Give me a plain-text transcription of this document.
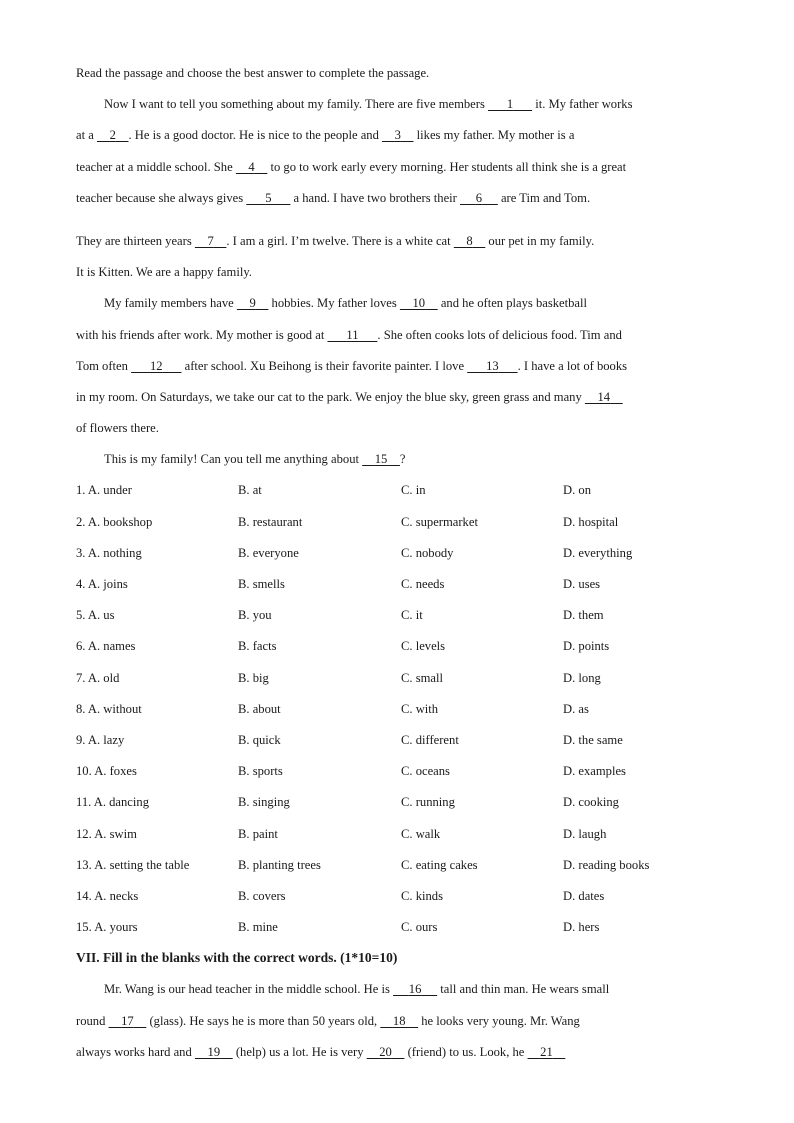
Read the passage and choose the best answer to complete the passage.
Now I want to tell you something about my family. There are five members       1       it. My father works
at a     2 . He is a good doctor. He is nice to the people and     3     likes my father. My mother is a
teacher at a middle school. She     4     to go to work early every morning. Her students all think she is a great
teacher because she always gives       5       a hand. I have two brothers their      6      are Tim and Tom.
They are thirteen years     7 . I am a girl. I’m twelve. There is a white cat     8     our pet in my family.
It is Kitten. We are a happy family.
My family members have     9     hobbies. My father loves     10     and he often plays basketball
with his friends after work. My mother is good at       11 . She often cooks lots of delicious food. Tim and
Tom often       12       after school. Xu Beihong is their favorite painter. I love       13 . I have a lot of books
in my room. On Saturdays, we take our cat to the park. We enjoy the blue sky, green grass and many     14
of flowers there.
This is my family! Can you tell me anything about     15 ?
1. A. under	B. at	C. in	D. on
2. A. bookshop	B. restaurant	C. supermarket	D. hospital
3. A. nothing	B. everyone	C. nobody	D. everything
4. A. joins	B. smells	C. needs	D. uses
5. A. us	B. you	C. it	D. them
6. A. names	B. facts	C. levels	D. points
7. A. old	B. big	C. small	D. long
8. A. without	B. about	C. with	D. as
9. A. lazy	B. quick	C. different	D. the same
10. A. foxes	B. sports	C. oceans	D. examples
11. A. dancing	B. singing	C. running	D. cooking
12. A. swim	B. paint	C. walk	D. laugh
13. A. setting the table	B. planting trees	C. eating cakes	D. reading books
14. A. necks	B. covers	C. kinds	D. dates
15. A. yours	B. mine	C. ours	D. hers
VII. Fill in the blanks with the correct words. (1*10=10)
Mr. Wang is our head teacher in the middle school. He is      16      tall and thin man. He wears small
round     17     (glass). He says he is more than 50 years old,     18     he looks very young. Mr. Wang
always works hard and     19     (help) us a lot. He is very     20     (friend) to us. Look, he     21
